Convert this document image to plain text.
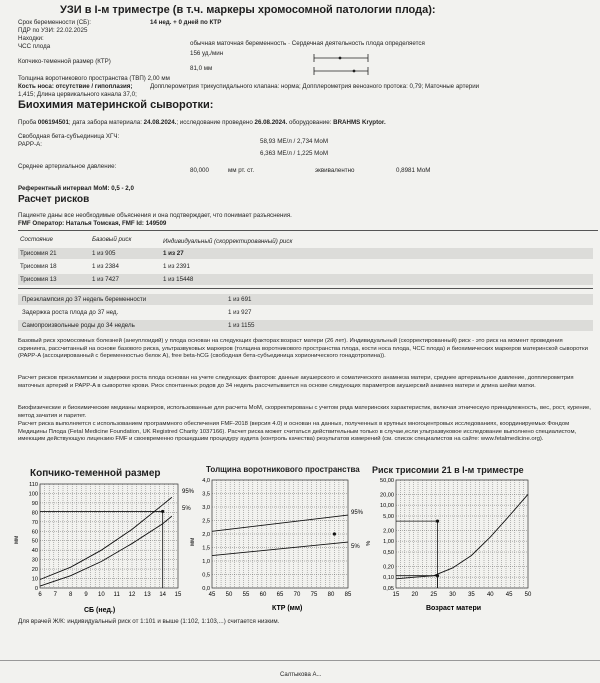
УЗИ в I-м триместре (в т.ч. маркеры хромосомной патологии плода):
Срок беременности (СБ):	14 нед. + 0 дней по КТР
ПДР по УЗИ: 22.02.2025
Находки:
ЧСС плода	обычная маточная беременность · Сердечная деятельность плода определяется
156 уд./мин
Копчико-теменной размер (КТР)
81,0 мм
Толщина воротникового пространства (ТВП) 2,00 мм
Кость носа: отсутствие / гипоплазия;	Допплерометрия трикуспидального клапана: норма; Допплерометрия венозного протока: 0,79; Маточные артерии
1,415; Длина цервикального канала 37,0;
Биохимия материнской сыворотки:
Проба 006194501; дата забора материала: 24.08.2024.; исследование проведено 26.08.2024. оборудование: BRAHMS Kryptor.
Свободная бета-субъединица ХГЧ:
58,93 МЕ/л / 2,734 МоМ
PAPP-A:
6,363 МЕ/л / 1,225 МоМ
Среднее артериальное давление:
80,000	мм рт. ст.	эквивалентно	0,8981 МоМ
Референтный интервал МоМ: 0,5 - 2,0
Расчет рисков
Пациенте даны все необходимые объяснения и она подтверждает, что понимает разъяснения.
FMF Оператор: Наталья Томская, FMF Id: 149509
Состояние	Базовый риск	Индивидуальный (скорректированный) риск
Трисомия 21	1 из 905	1 из 27
Трисомия 18	1 из 2384	1 из 2391
Трисомия 13	1 из 7427	1 из 15448
Преэклампсия до 37 недель беременности	1 из 691
Задержка роста плода до 37 нед.	1 из 927
Самопроизвольные роды до 34 недель	1 из 1155
Базовый риск хромосомных болезней (анеуплоидий) у плода основан на следующих факторах:возраст матери (26 лет). Индивидуальный (скорректированный) риск - это риск на момент проведения скрининга, рассчитанный на основе базового риска, ультразвуковых маркеров (толщина воротникового пространства плода, кости носа плода, ЧСС плода) и биохимических маркеров материнской сыворотки (PAPP-A (ассоциированный с беременностью белок А), free beta-hCG (свободная бета-субъединица хорионического гонадотропина)).
Расчет рисков преэклампсии и задержки роста плода основан на учете следующих факторов: данные акушерского и соматического анамнеза матери, среднее артериальное давление, допплерометрия маточных артерий и PAPP-A в сыворотке крови. Риск спонтанных родов до 34 недель рассчитывается на основе следующих параметров акушерский анамнез матери и длина шейки матки.
Биофизические и биохимические медианы маркеров, использованные для расчета МоМ, скорректированы с учетом ряда материнских характеристик, включая этническую принадлежность, вес, рост, курение, метод зачатия и паритет.
Расчет риска выполняется с использованием программного обеспечения FMF-2018 (версия 4.0) и основан на данных, полученных в крупных многоцентровых исследованиях, координируемых Фондом Медицины Плода (Fetal Medicine Foundation, UK Registred Charity 1037166). Расчет риска может считаться действительным только в случае,если ультразвуковое исследование выполнено специалистом, имеющим действующую лицензию FMF и своевременно прошедшим процедуру аудита (контроль качества) результатов измерений (см. список специалистов на сайте: www.fetalmedicine.org).
Копчико-теменной размер	Толщина воротникового пространства Риск трисомии 21 в I-м триместре
0
10
20
30
40
50
60
70
80
90
100
110
6 7 8 9 10 11 12 13 14 15
мм
СБ (нед.)
95%
5%
0,0
0,5
1,0
1,5
2,0
2,5
3,0
3,5
4,0
45 50 55 60 65 70 75 80 85
мм
КТР (мм)
95%
5%
0,05
0,10
0,20
0,50
1,00
2,00
5,00
10,00
20,00
50,00
15 20 25 30 35 40 45 50
%
Возраст матери
Для врачей Ж/К: индивидуальный риск от 1:101 и выше (1:102, 1:103,...) считается низким.
Салтыкова А...
